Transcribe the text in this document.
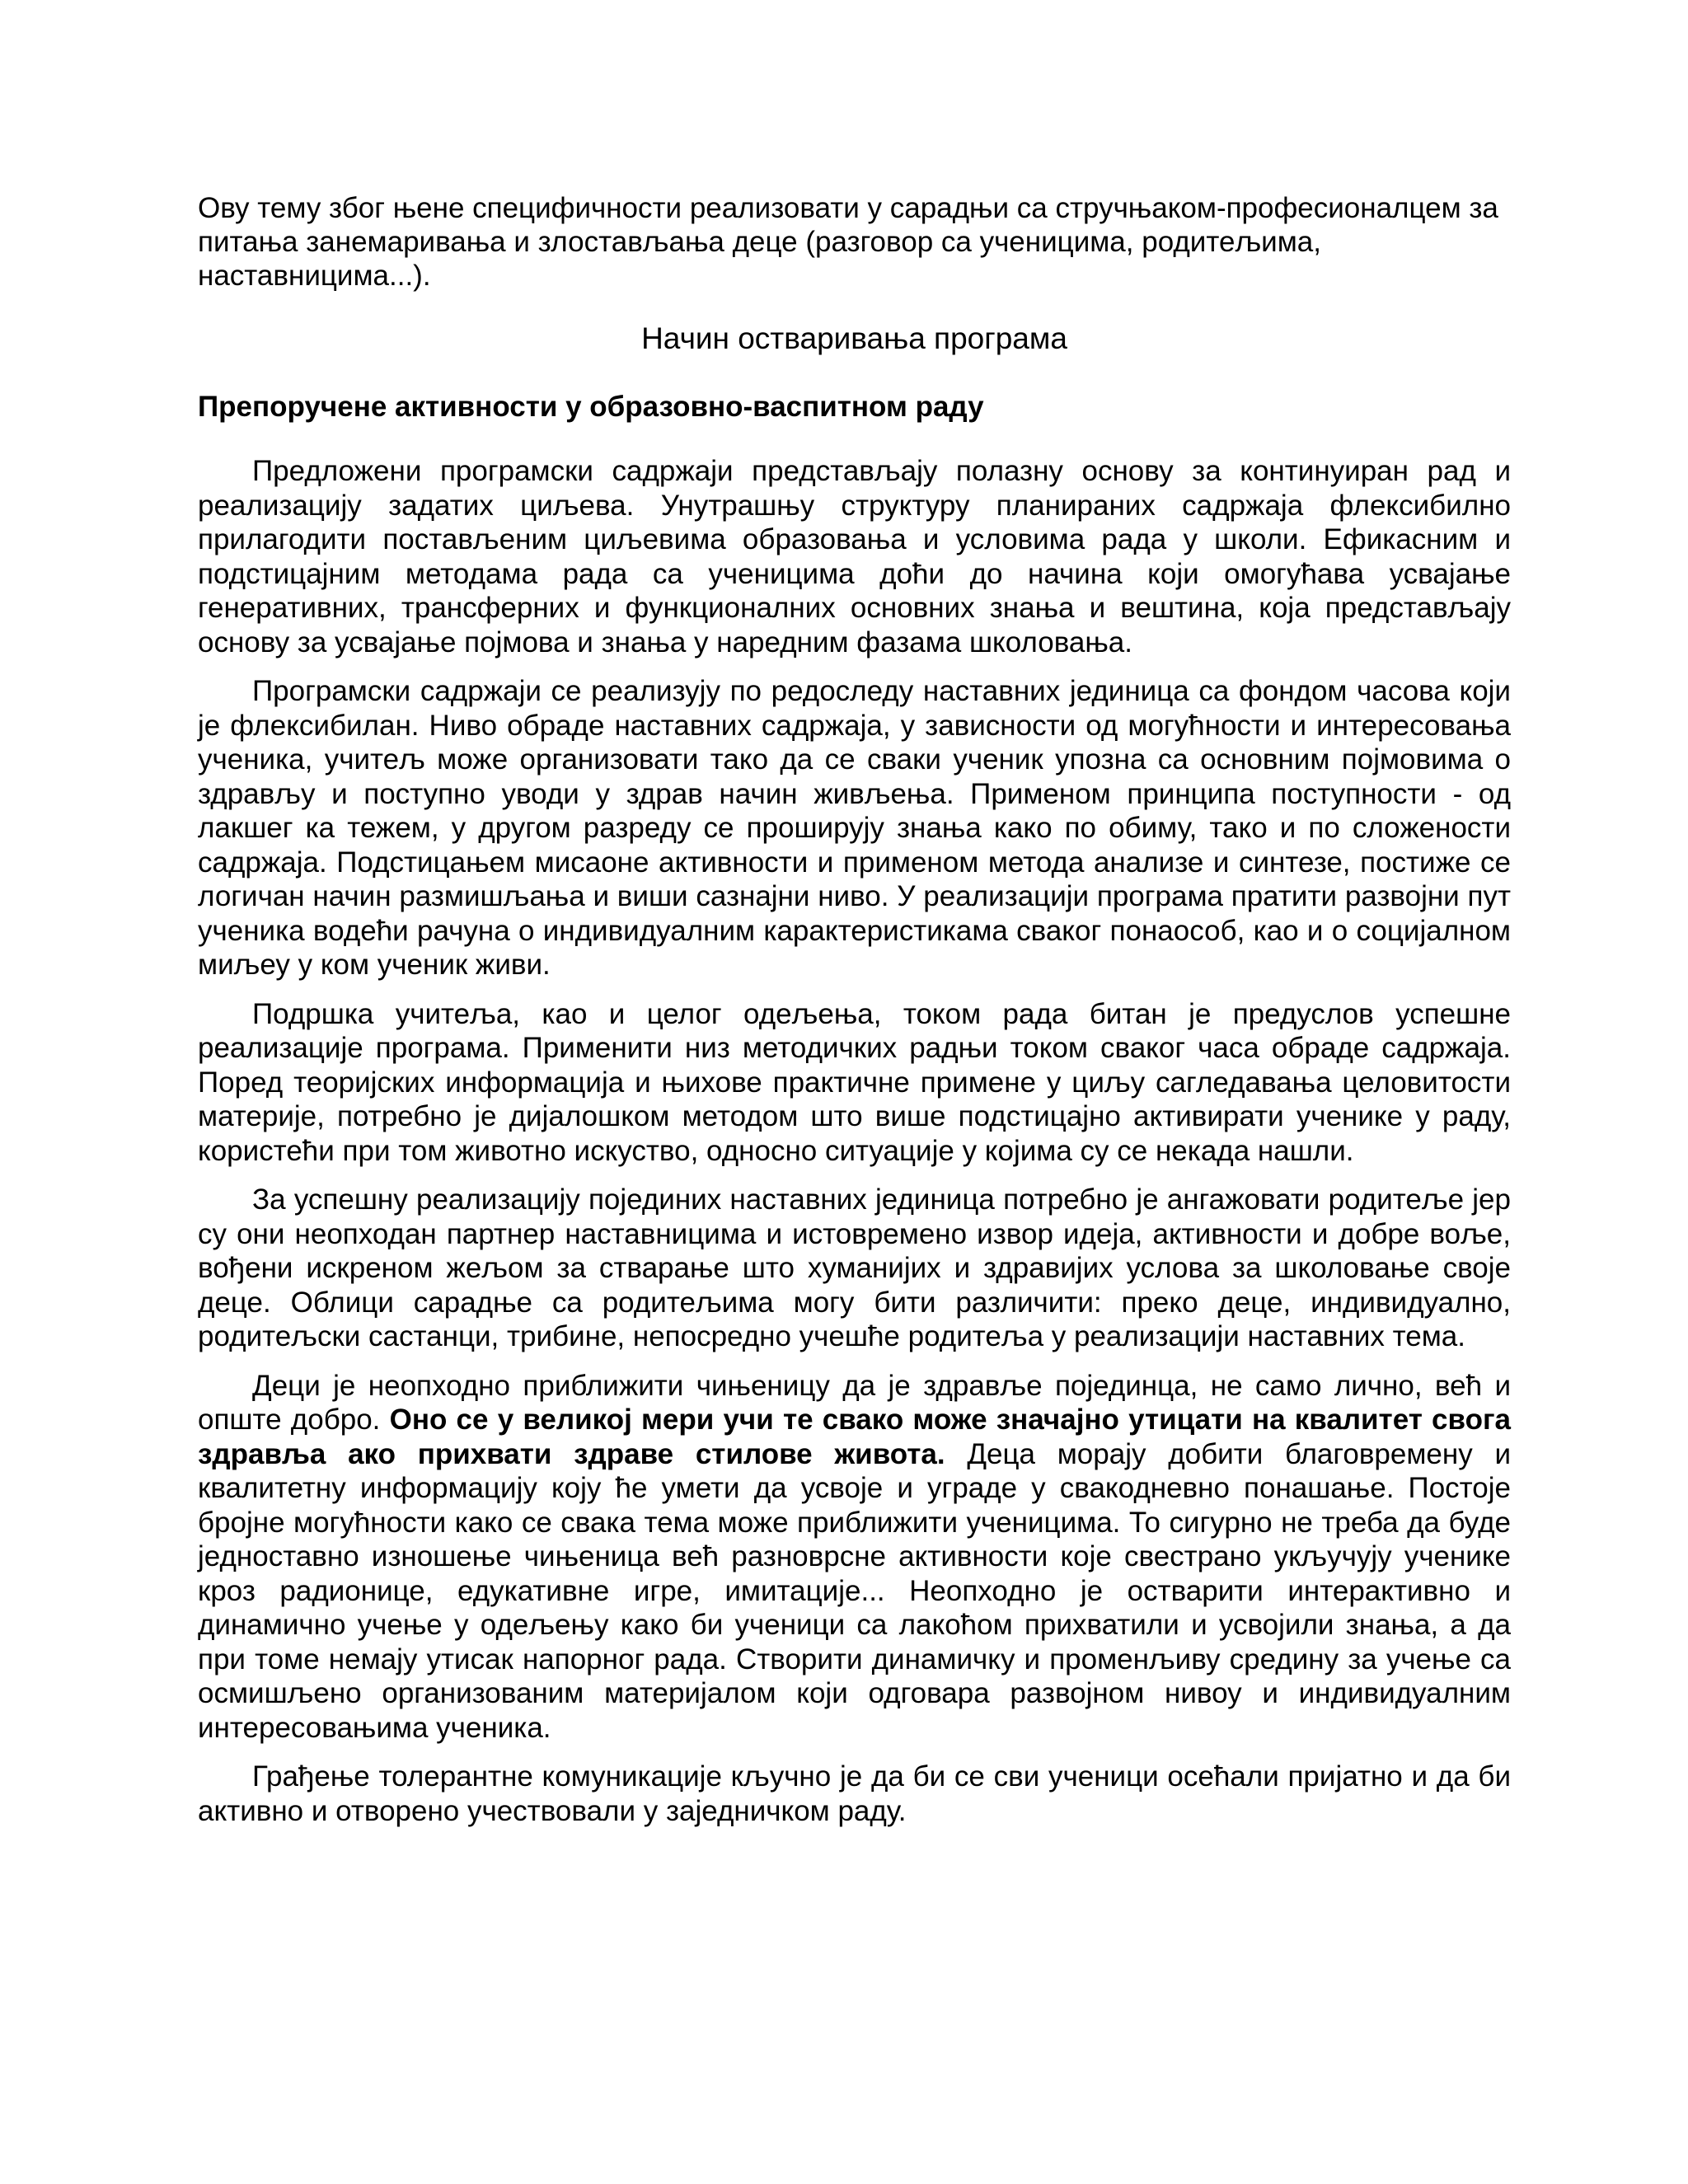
Ову тему због њене специфичности реализовати у сарадњи са стручњаком-професионалцем за питања занемаривања и злостављања деце (разговор са ученицима, родитељима, наставницима...).

Начин остваривања програма
Препоручене активности у образовно-васпитном раду

Предложени програмски садржаји представљају полазну основу за континуиран рад и реализацију задатих циљева. Унутрашњу структуру планираних садржаја флексибилно прилагодити постављеним циљевима образовања и условима рада у школи. Ефикасним и подстицајним методама рада са ученицима доћи до начина који омогућава усвајање генеративних, трансферних и функционалних основних знања и вештина, која представљају основу за усвајање појмова и знања у наредним фазама школовања.

Програмски садржаји се реализују по редоследу наставних јединица са фондом часова који је флексибилан. Ниво обраде наставних садржаја, у зависности од могућности и интересовања ученика, учитељ може организовати тако да се сваки ученик упозна са основним појмовима о здрављу и поступно уводи у здрав начин живљења. Применом принципа поступности - од лакшег ка тежем, у другом разреду се проширују знања како по обиму, тако и по сложености садржаја. Подстицањем мисаоне активности и применом метода анализе и синтезе, постиже се логичан начин размишљања и виши сазнајни ниво. У реализацији програма пратити развојни пут ученика водећи рачуна о индивидуалним карактеристикама сваког понаособ, као и о социјалном миљеу у ком ученик живи.

Подршка учитеља, као и целог одељења, током рада битан је предуслов успешне реализације програма. Применити низ методичких радњи током сваког часа обраде садржаја. Поред теоријских информација и њихове практичне примене у циљу сагледавања целовитости материје, потребно је дијалошком методом што више подстицајно активирати ученике у раду, користећи при том животно искуство, односно ситуације у којима су се некада нашли.

За успешну реализацију појединих наставних јединица потребно је ангажовати родитеље јер су они неопходан партнер наставницима и истовремено извор идеја, активности и добре воље, вођени искреном жељом за стварање што хуманијих и здравијих услова за школовање своје деце. Облици сарадње са родитељима могу бити различити: преко деце, индивидуално, родитељски састанци, трибине, непосредно учешће родитеља у реализацији наставних тема.

Деци је неопходно приближити чињеницу да је здравље појединца, не само лично, већ и опште добро. Оно се у великој мери учи те свако може значајно утицати на квалитет свога здравља ако прихвати здраве стилове живота. Деца морају добити благовремену и квалитетну информацију коју ће умети да усвоје и уграде у свакодневно понашање. Постоје бројне могућности како се свака тема може приближити ученицима. То сигурно не треба да буде једноставно изношење чињеница већ разноврсне активности које свестрано укључују ученике кроз радионице, едукативне игре, имитације... Неопходно је остварити интерактивно и динамично учење у одељењу како би ученици са лакоћом прихватили и усвојили знања, а да при томе немају утисак напорног рада. Створити динамичку и променљиву средину за учење са осмишљено организованим материјалом који одговара развојном нивоу и индивидуалним интересовањима ученика.

Грађење толерантне комуникације кључно је да би се сви ученици осећали пријатно и да би активно и отворено учествовали у заједничком раду.
